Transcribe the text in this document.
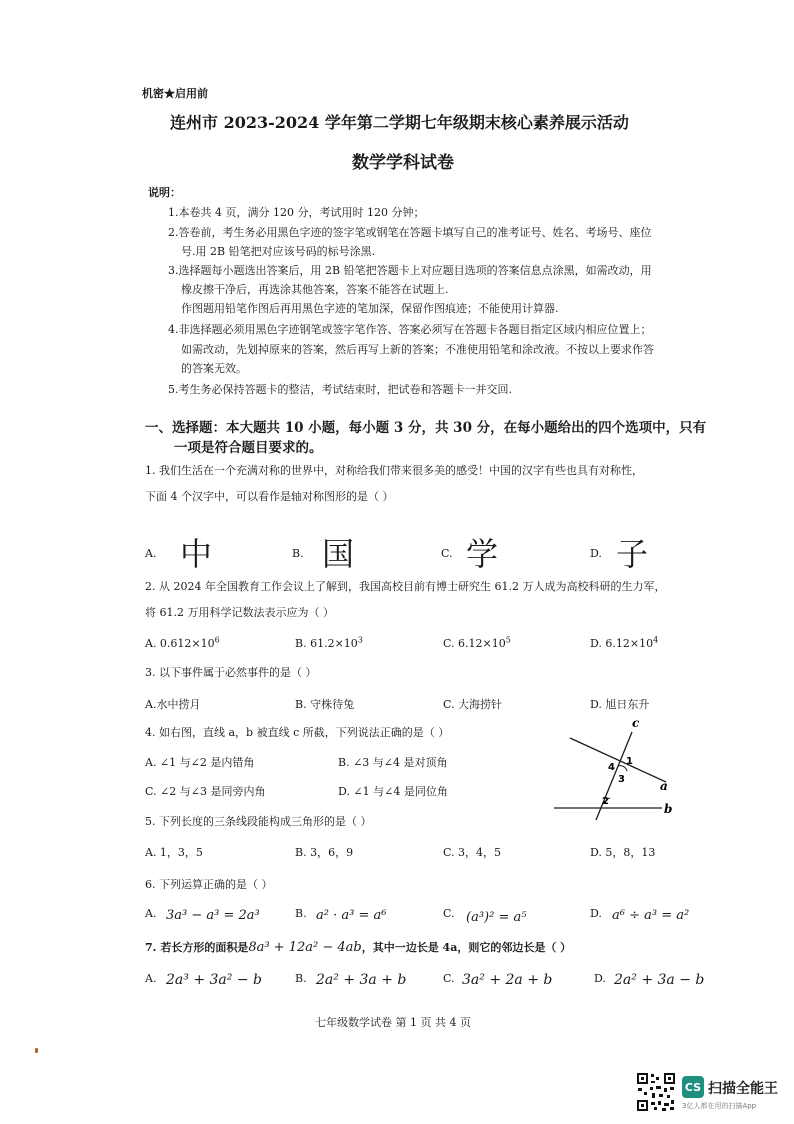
机密★启用前
连州市 2023-2024 学年第二学期七年级期末核心素养展示活动
数学学科试卷
说明：
1.本卷共 4 页，满分 120 分，考试用时 120 分钟；
2.答卷前，考生务必用黑色字迹的签字笔或钢笔在答题卡填写自己的准考证号、姓名、考场号、座位
号.用 2B 铅笔把对应该号码的标号涂黑.
3.选择题每小题选出答案后，用 2B 铅笔把答题卡上对应题目选项的答案信息点涂黑，如需改动，用
橡皮擦干净后，再选涂其他答案，答案不能答在试题上.
作图题用铅笔作图后再用黑色字迹的笔加深，保留作图痕迹；不能使用计算器.
4.非选择题必须用黑色字迹钢笔或签字笔作答、答案必须写在答题卡各题目指定区域内相应位置上；
如需改动，先划掉原来的答案，然后再写上新的答案；不准使用铅笔和涂改液。不按以上要求作答
的答案无效。
5.考生务必保持答题卡的整洁，考试结束时，把试卷和答题卡一并交回.
一、选择题：本大题共 10 小题，每小题 3 分，共 30 分，在每小题给出的四个选项中，只有
一项是符合题目要求的。
1. 我们生活在一个充满对称的世界中，对称给我们带来很多美的感受！中国的汉字有些也具有对称性，
下面 4 个汉字中，可以看作是轴对称图形的是（ ）
A. 中	B. 国	C. 学	D. 子
2. 从 2024 年全国教育工作会议上了解到，我国高校目前有博士研究生 61.2 万人成为高校科研的生力军，
将 61.2 万用科学记数法表示应为（ ）
A. $0.612\times 10^6$	B. $61.2\times 10^3$	C. $6.12\times 10^5$	D. $6.12\times 10^4$
3. 以下事件属于必然事件的是（ ）
A.水中捞月	B. 守株待兔	C. 大海捞针	D. 旭日东升
4. 如右图，直线 a，b 被直线 c 所截，下列说法正确的是（ ）
A. ∠1 与∠2 是内错角	B. ∠3 与∠4 是对顶角
C. ∠2 与∠3 是同旁内角	D. ∠1 与∠4 是同位角
c
a
b
1
2
3
4
5. 下列长度的三条线段能构成三角形的是（ ）
A. 1，3，5	B. 3，6，9	C. 3，4，5	D. 5，8，13
6. 下列运算正确的是（ ）
A. 3a³ − a³ = 2a³	B. a² · a³ = a⁶	C. (a³)² = a⁵	D. a⁶ ÷ a³ = a²
7. 若长方形的面积是8a³ + 12a² − 4ab，其中一边长是 4a，则它的邻边长是（ ）
A. 2a³ + 3a² − b	B. 2a² + 3a + b	C. 3a² + 2a + b	D. 2a² + 3a − b
七年级数学试卷 第 1 页 共 4 页
CS 扫描全能王
3亿人都在用的扫描App
